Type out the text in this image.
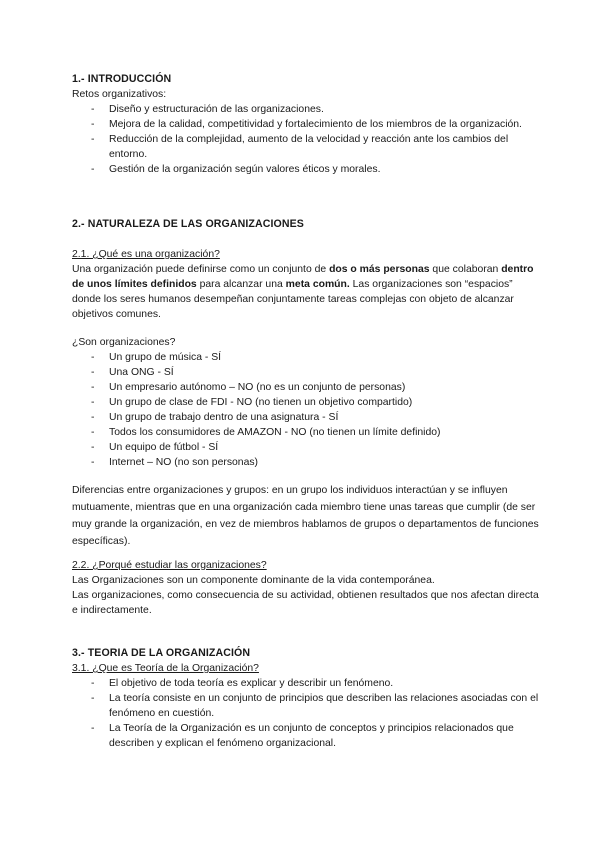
1.- INTRODUCCIÓN

Retos organizativos:

- Diseño y estructuración de las organizaciones.
- Mejora de la calidad, competitividad y fortalecimiento de los miembros de la organización.
- Reducción de la complejidad, aumento de la velocidad y reacción ante los cambios del entorno.
- Gestión de la organización según valores éticos y morales.
2.- NATURALEZA DE LAS ORGANIZACIONES

2.1. ¿Qué es una organización?

Una organización puede definirse como un conjunto de dos o más personas que colaboran dentro de unos límites definidos para alcanzar una meta común. Las organizaciones son “espacios” donde los seres humanos desempeñan conjuntamente tareas complejas con objeto de alcanzar objetivos comunes.

¿Son organizaciones?

- Un grupo de música - SÍ
- Una ONG - SÍ
- Un empresario autónomo – NO (no es un conjunto de personas)
- Un grupo de clase de FDI - NO (no tienen un objetivo compartido)
- Un grupo de trabajo dentro de una asignatura - SÍ
- Todos los consumidores de AMAZON - NO (no tienen un límite definido)
- Un equipo de fútbol - SÍ
- Internet – NO (no son personas)

Diferencias entre organizaciones y grupos: en un grupo los individuos interactúan y se influyen mutuamente, mientras que en una organización cada miembro tiene unas tareas que cumplir (de ser muy grande la organización, en vez de miembros hablamos de grupos o departamentos de funciones específicas).

2.2. ¿Porqué estudiar las organizaciones?

Las Organizaciones son un componente dominante de la vida contemporánea.

Las organizaciones, como consecuencia de su actividad, obtienen resultados que nos afectan directa e indirectamente.

3.- TEORIA DE LA ORGANIZACIÓN

3.1. ¿Que es Teoría de la Organización?

- El objetivo de toda teoría es explicar y describir un fenómeno.
- La teoría consiste en un conjunto de principios que describen las relaciones asociadas con el fenómeno en cuestión.
- La Teoría de la Organización es un conjunto de conceptos y principios relacionados que describen y explican el fenómeno organizacional.
